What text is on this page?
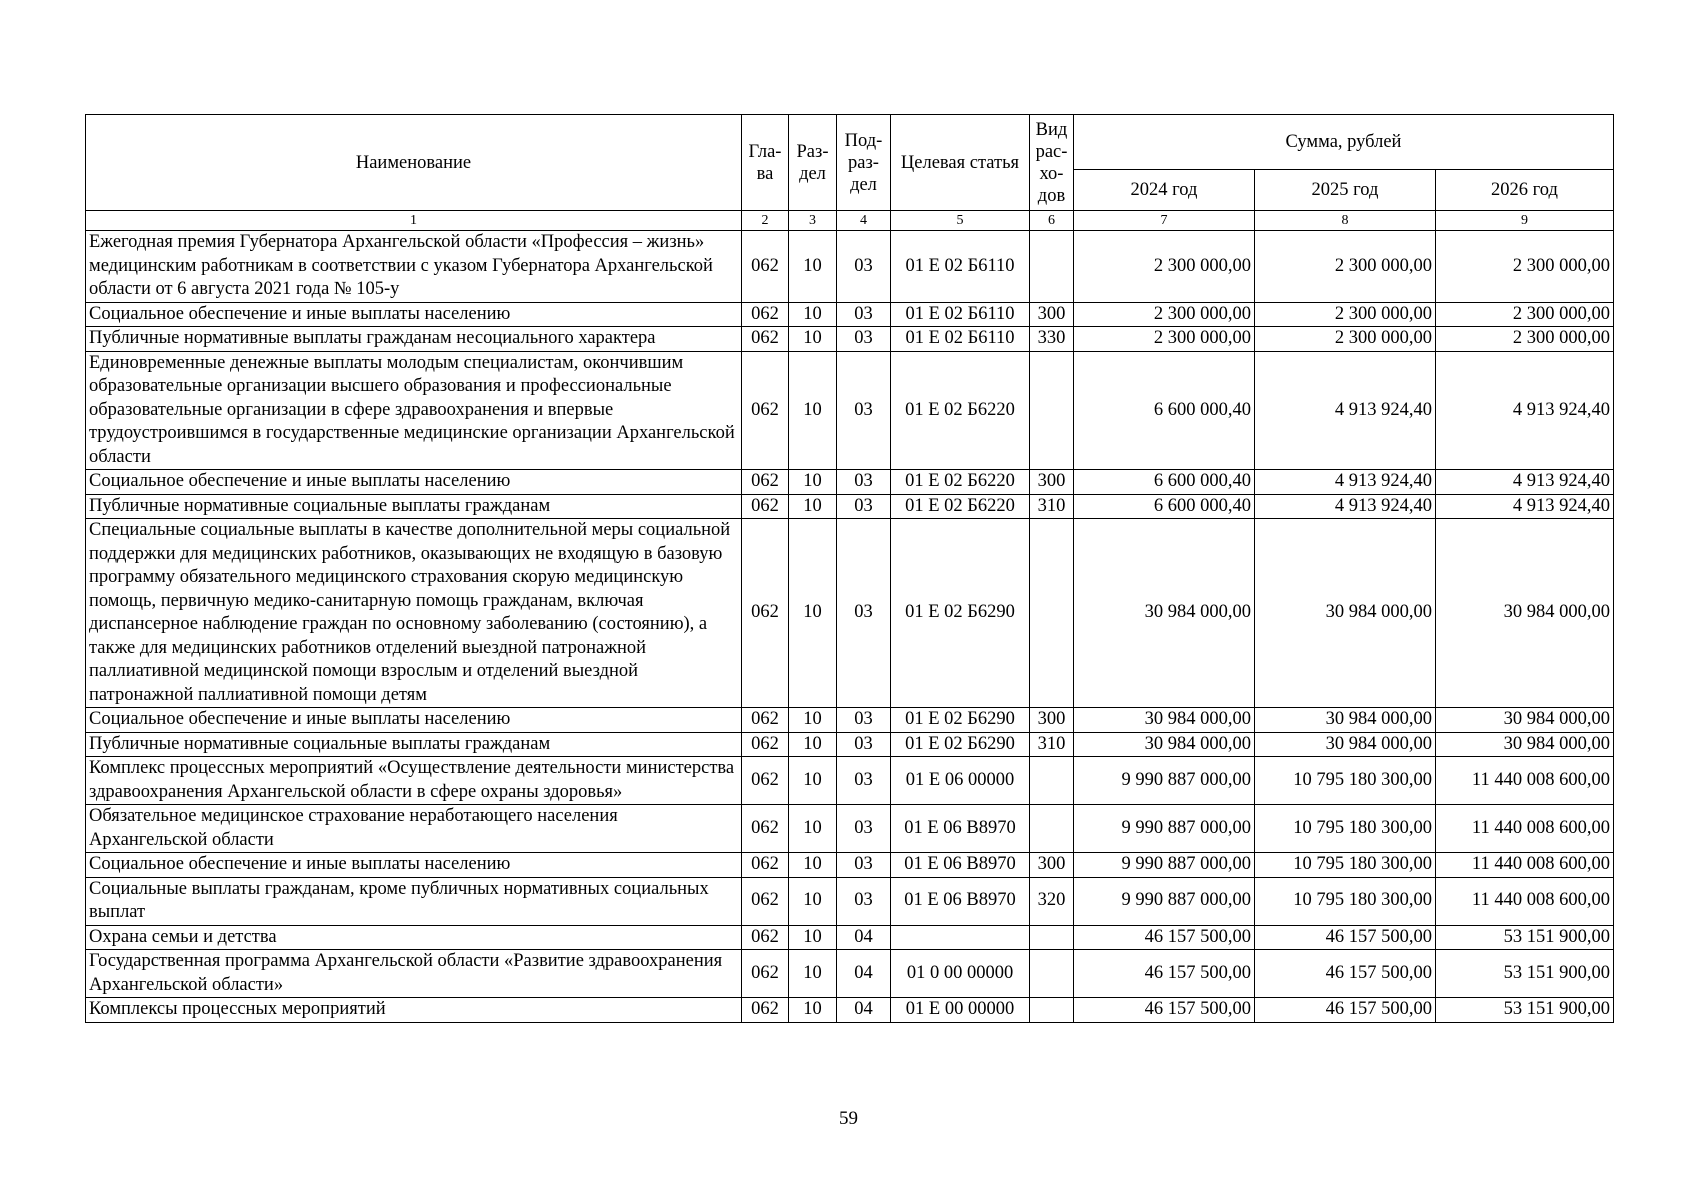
Наименование	Гла-ва	Раз-дел	Под-раз-дел	Целевая статья	Вид рас-хо-дов	Сумма, рублей		
						2024 год	2025 год	2026 год
1	2	3	4	5	6	7	8	9
Ежегодная премия Губернатора Архангельской области «Профессия – жизнь» медицинским работникам в соответствии с указом Губернатора Архангельской области от 6 августа 2021 года № 105-у	062	10	03	01 Е 02 Б6110		2 300 000,00	2 300 000,00	2 300 000,00
Социальное обеспечение и иные выплаты населению	062	10	03	01 Е 02 Б6110	300	2 300 000,00	2 300 000,00	2 300 000,00
Публичные нормативные выплаты гражданам несоциального характера	062	10	03	01 Е 02 Б6110	330	2 300 000,00	2 300 000,00	2 300 000,00
Единовременные денежные выплаты молодым специалистам, окончившим образовательные организации высшего образования и профессиональные образовательные организации в сфере здравоохранения и впервые трудоустроившимся в государственные медицинские организации Архангельской области	062	10	03	01 Е 02 Б6220		6 600 000,40	4 913 924,40	4 913 924,40
Социальное обеспечение и иные выплаты населению	062	10	03	01 Е 02 Б6220	300	6 600 000,40	4 913 924,40	4 913 924,40
Публичные нормативные социальные выплаты гражданам	062	10	03	01 Е 02 Б6220	310	6 600 000,40	4 913 924,40	4 913 924,40
Специальные социальные выплаты в качестве дополнительной меры социальной поддержки для медицинских работников, оказывающих не входящую в базовую программу обязательного медицинского страхования скорую медицинскую помощь, первичную медико-санитарную помощь гражданам, включая диспансерное наблюдение граждан по основному заболеванию (состоянию), а также для медицинских работников отделений выездной патронажной паллиативной медицинской помощи взрослым и отделений выездной патронажной паллиативной помощи детям	062	10	03	01 Е 02 Б6290		30 984 000,00	30 984 000,00	30 984 000,00
Социальное обеспечение и иные выплаты населению	062	10	03	01 Е 02 Б6290	300	30 984 000,00	30 984 000,00	30 984 000,00
Публичные нормативные социальные выплаты гражданам	062	10	03	01 Е 02 Б6290	310	30 984 000,00	30 984 000,00	30 984 000,00
Комплекс процессных мероприятий «Осуществление деятельности министерства здравоохранения Архангельской области в сфере охраны здоровья»	062	10	03	01 Е 06 00000		9 990 887 000,00	10 795 180 300,00	11 440 008 600,00
Обязательное медицинское страхование неработающего населения Архангельской области	062	10	03	01 Е 06 В8970		9 990 887 000,00	10 795 180 300,00	11 440 008 600,00
Социальное обеспечение и иные выплаты населению	062	10	03	01 Е 06 В8970	300	9 990 887 000,00	10 795 180 300,00	11 440 008 600,00
Социальные выплаты гражданам, кроме публичных нормативных социальных выплат	062	10	03	01 Е 06 В8970	320	9 990 887 000,00	10 795 180 300,00	11 440 008 600,00
Охрана семьи и детства	062	10	04			46 157 500,00	46 157 500,00	53 151 900,00
Государственная программа Архангельской области «Развитие здравоохранения Архангельской области»	062	10	04	01 0 00 00000		46 157 500,00	46 157 500,00	53 151 900,00
Комплексы процессных мероприятий	062	10	04	01 Е 00 00000		46 157 500,00	46 157 500,00	53 151 900,00
59
